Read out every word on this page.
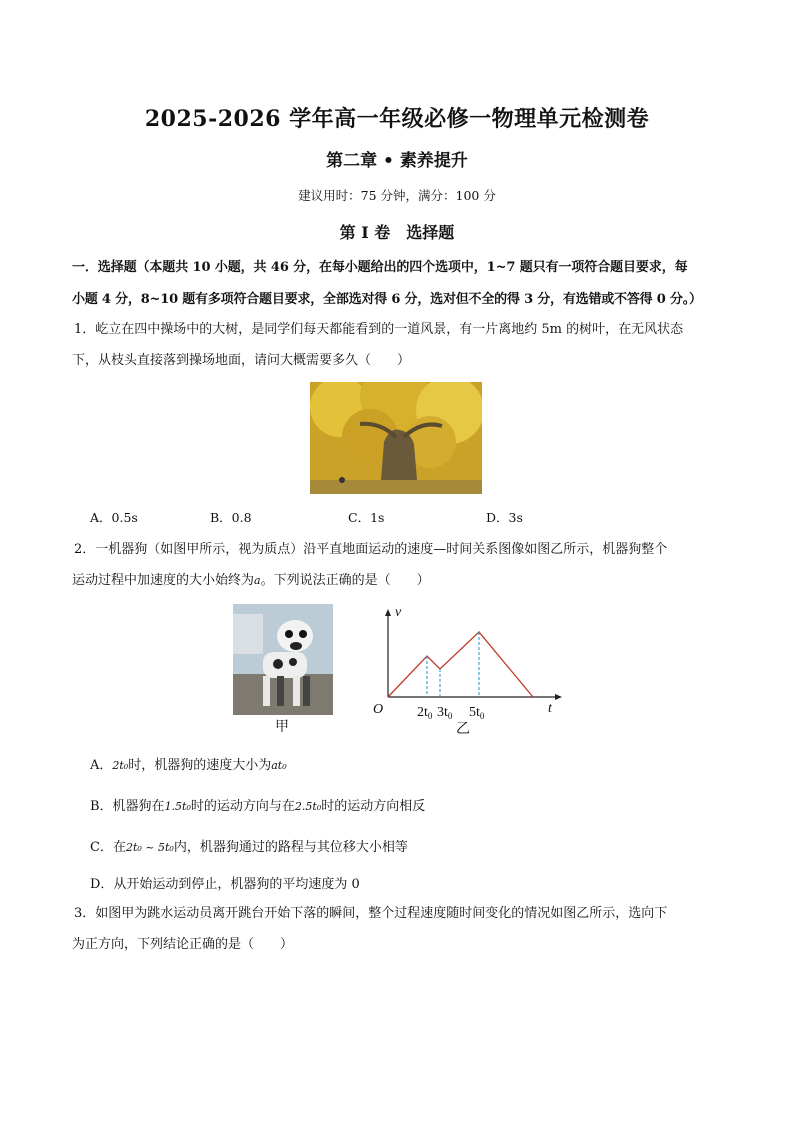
2025-2026 学年高一年级必修一物理单元检测卷
第二章 • 素养提升
建议用时：75 分钟，满分：100 分
第 I 卷　选择题
一．选择题（本题共 10 小题，共 46 分，在每小题给出的四个选项中，1~7 题只有一项符合题目要求，每
小题 4 分，8~10 题有多项符合题目要求，全部选对得 6 分，选对但不全的得 3 分，有选错或不答得 0 分。）
1．屹立在四中操场中的大树，是同学们每天都能看到的一道风景，有一片离地约 5m 的树叶，在无风状态
下，从枝头直接落到操场地面，请问大概需要多久（　　）
A．0.5s	B．0.8	C．1s	D．3s
2．一机器狗（如图甲所示，视为质点）沿平直地面运动的速度—时间关系图像如图乙所示，机器狗整个
运动过程中加速度的大小始终为a。下列说法正确的是（　　）
甲
v
t
O $2t_0$ $3t_0$ $5t_0$
乙
A．2t₀时，机器狗的速度大小为at₀
B．机器狗在1.5t₀时的运动方向与在2.5t₀时的运动方向相反
C．在2t₀ ~ 5t₀内，机器狗通过的路程与其位移大小相等
D．从开始运动到停止，机器狗的平均速度为 0
3．如图甲为跳水运动员离开跳台开始下落的瞬间，整个过程速度随时间变化的情况如图乙所示，选向下
为正方向，下列结论正确的是（　　）
